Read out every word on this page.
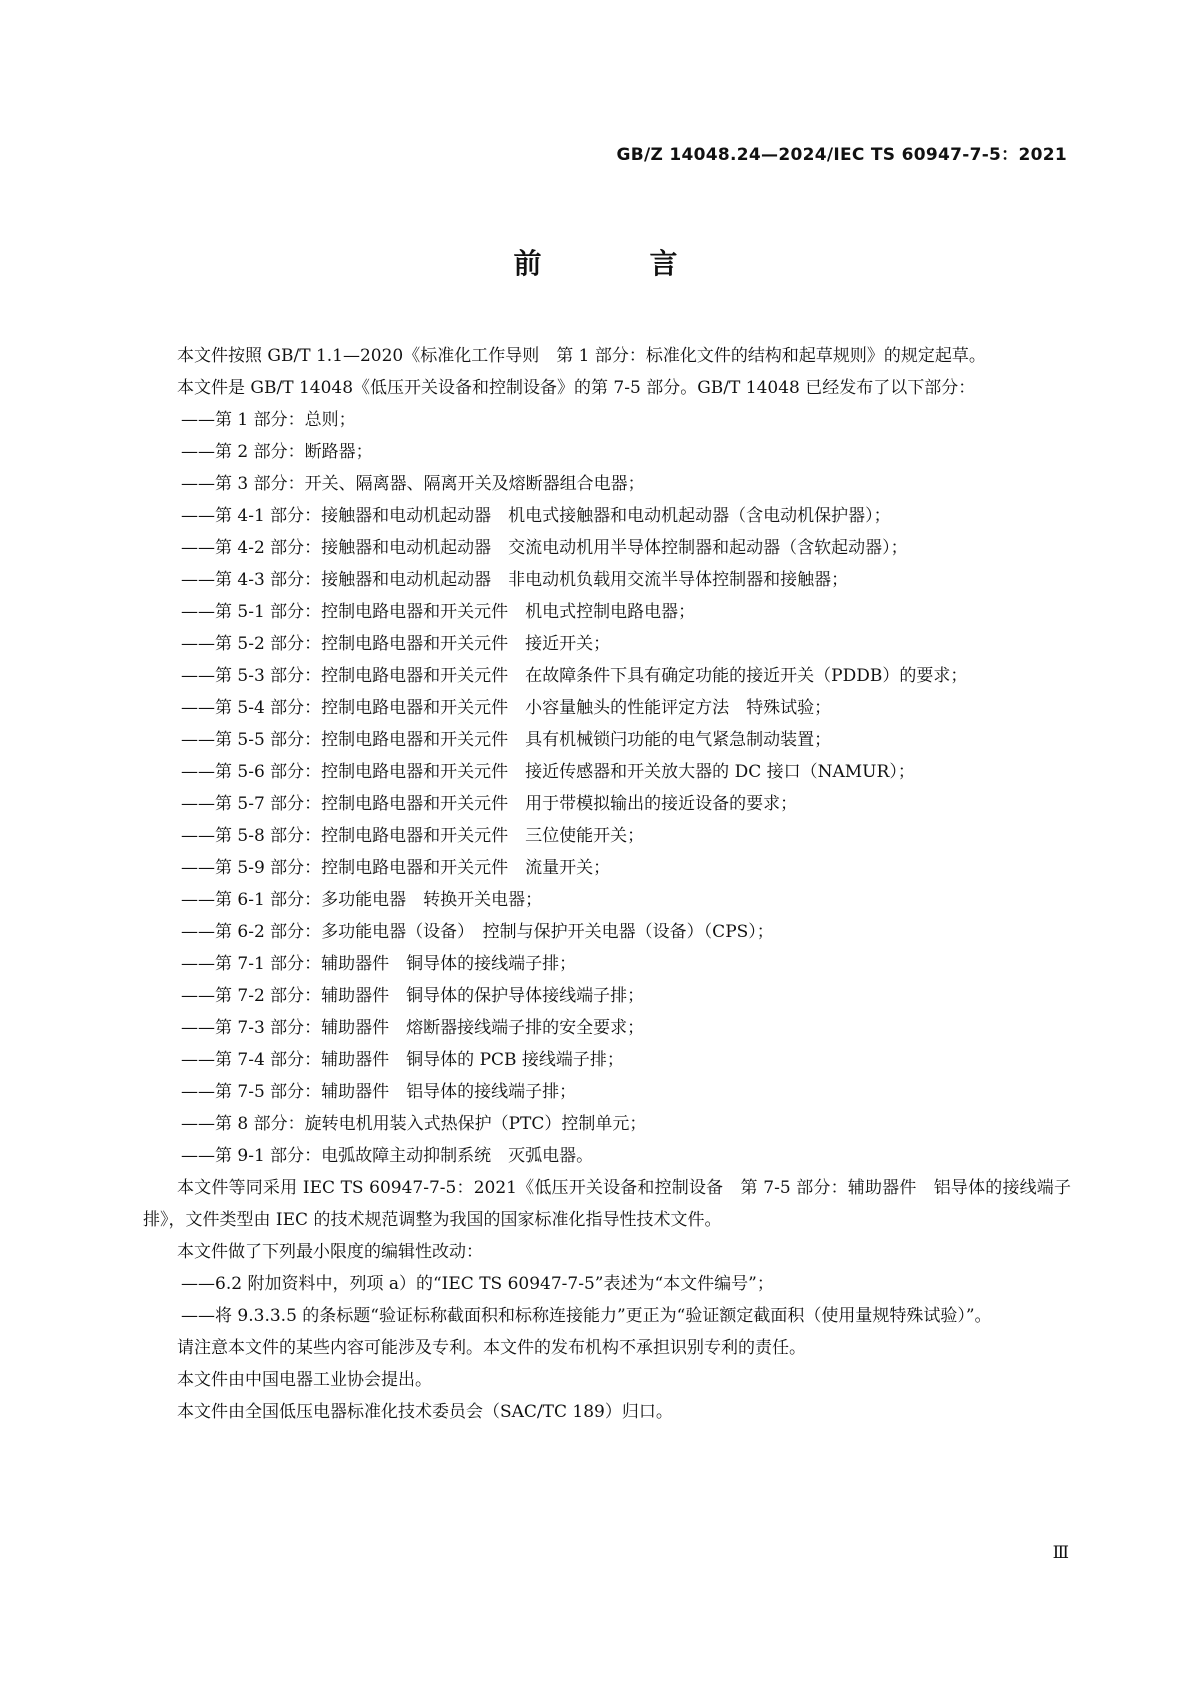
GB/Z 14048.24—2024/IEC TS 60947-7-5：2021
前　言

本文件按照 GB/T 1.1—2020《标准化工作导则　第 1 部分：标准化文件的结构和起草规则》的规定起草。

本文件是 GB/T 14048《低压开关设备和控制设备》的第 7-5 部分。GB/T 14048 已经发布了以下部分：

——第 1 部分：总则；

——第 2 部分：断路器；

——第 3 部分：开关、隔离器、隔离开关及熔断器组合电器；

——第 4-1 部分：接触器和电动机起动器　机电式接触器和电动机起动器（含电动机保护器）；

——第 4-2 部分：接触器和电动机起动器　交流电动机用半导体控制器和起动器（含软起动器）；

——第 4-3 部分：接触器和电动机起动器　非电动机负载用交流半导体控制器和接触器；

——第 5-1 部分：控制电路电器和开关元件　机电式控制电路电器；

——第 5-2 部分：控制电路电器和开关元件　接近开关；

——第 5-3 部分：控制电路电器和开关元件　在故障条件下具有确定功能的接近开关（PDDB）的要求；

——第 5-4 部分：控制电路电器和开关元件　小容量触头的性能评定方法　特殊试验；

——第 5-5 部分：控制电路电器和开关元件　具有机械锁闩功能的电气紧急制动装置；

——第 5-6 部分：控制电路电器和开关元件　接近传感器和开关放大器的 DC 接口（NAMUR）；

——第 5-7 部分：控制电路电器和开关元件　用于带模拟输出的接近设备的要求；

——第 5-8 部分：控制电路电器和开关元件　三位使能开关；

——第 5-9 部分：控制电路电器和开关元件　流量开关；

——第 6-1 部分：多功能电器　转换开关电器；

——第 6-2 部分：多功能电器（设备）　控制与保护开关电器（设备）（CPS）；

——第 7-1 部分：辅助器件　铜导体的接线端子排；

——第 7-2 部分：辅助器件　铜导体的保护导体接线端子排；

——第 7-3 部分：辅助器件　熔断器接线端子排的安全要求；

——第 7-4 部分：辅助器件　铜导体的 PCB 接线端子排；

——第 7-5 部分：辅助器件　铝导体的接线端子排；

——第 8 部分：旋转电机用装入式热保护（PTC）控制单元；

——第 9-1 部分：电弧故障主动抑制系统　灭弧电器。

本文件等同采用 IEC TS 60947-7-5：2021《低压开关设备和控制设备　第 7-5 部分：辅助器件　铝导体的接线端子排》，文件类型由 IEC 的技术规范调整为我国的国家标准化指导性技术文件。

本文件做了下列最小限度的编辑性改动：

——6.2 附加资料中，列项 a）的“IEC TS 60947-7-5”表述为“本文件编号”；

——将 9.3.3.5 的条标题“验证标称截面积和标称连接能力”更正为“验证额定截面积（使用量规特殊试验）”。

请注意本文件的某些内容可能涉及专利。本文件的发布机构不承担识别专利的责任。

本文件由中国电器工业协会提出。

本文件由全国低压电器标准化技术委员会（SAC/TC 189）归口。

Ⅲ
